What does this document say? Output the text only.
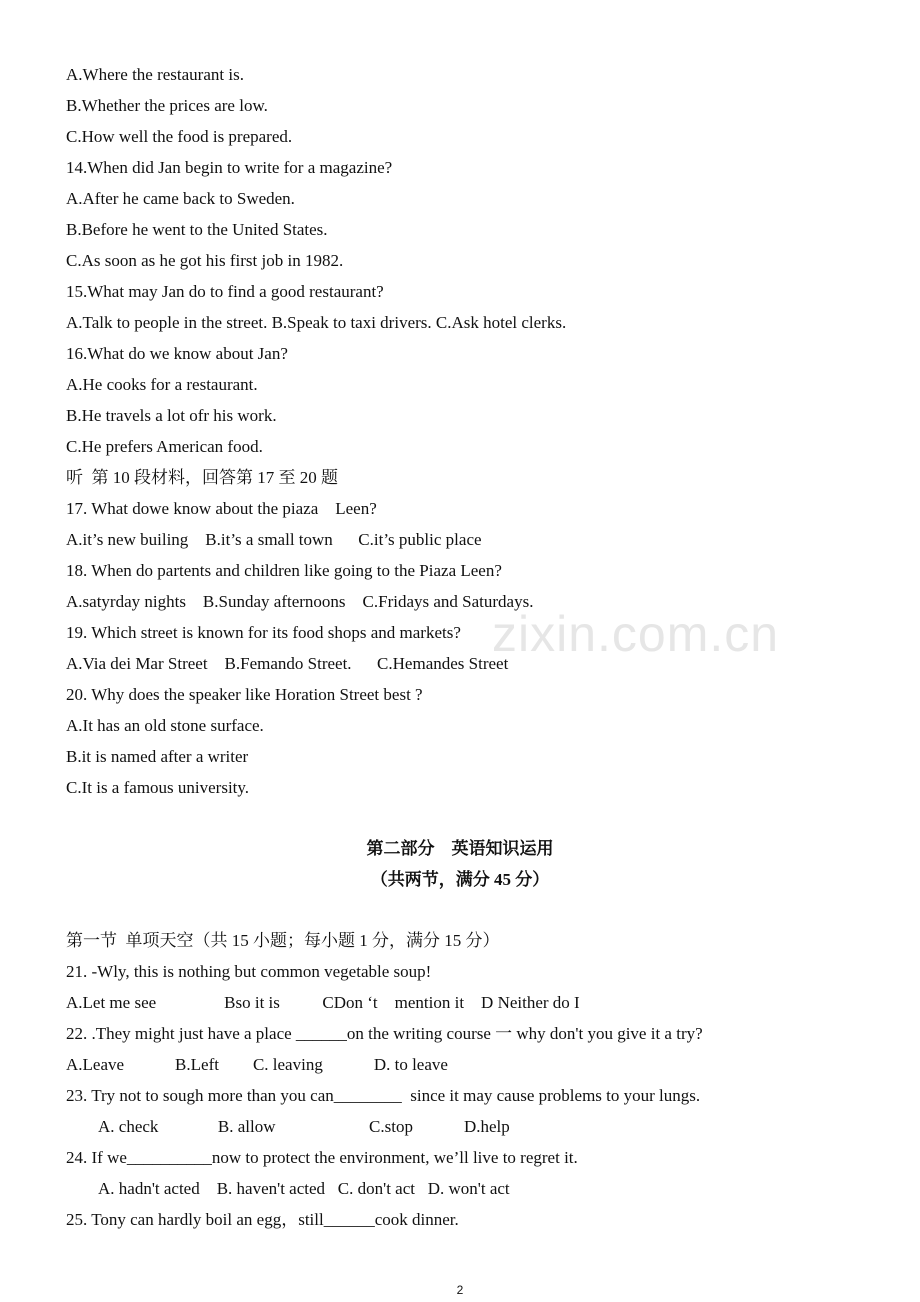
zixin.com.cn
A.Where the restaurant is.
B.Whether the prices are low.
C.How well the food is prepared.
14.When did Jan begin to write for a magazine?
A.After he came back to Sweden.
B.Before he went to the United States.
C.As soon as he got his first job in 1982.
15.What may Jan do to find a good restaurant?
A.Talk to people in the street. B.Speak to taxi drivers. C.Ask hotel clerks.
16.What do we know about Jan?
A.He cooks for a restaurant.
B.He travels a lot ofr his work.
C.He prefers American food.
听  第 10 段材料，回答第 17 至 20 题
17. What dowe know about the piaza    Leen?
A.it’s new builing    B.it’s a small town      C.it’s public place
18. When do partents and children like going to the Piaza Leen?
A.satyrday nights    B.Sunday afternoons    C.Fridays and Saturdays.
19. Which street is known for its food shops and markets?
A.Via dei Mar Street    B.Femando Street.      C.Hemandes Street
20. Why does the speaker like Horation Street best ?
A.It has an old stone surface.
B.it is named after a writer
C.It is a famous university.
第二部分    英语知识运用
（共两节，满分 45 分）
第一节  单项天空（共 15 小题；每小题 1 分，满分 15 分）
21. -Wly, this is nothing but common vegetable soup!
A.Let me see                Bso it is          CDon ‘t    mention it    D Neither do I
22. .They might just have a place ______on the writing course 一 why don't you give it a try?
A.Leave            B.Left        C. leaving            D. to leave
23. Try not to sough more than you can________  since it may cause problems to your lungs.
A. check              B. allow                      C.stop            D.help
24. If we__________now to protect the environment, we’ll live to regret it.
A. hadn't acted    B. haven't acted   C. don't act   D. won't act
25. Tony can hardly boil an egg，still______cook dinner.
2
